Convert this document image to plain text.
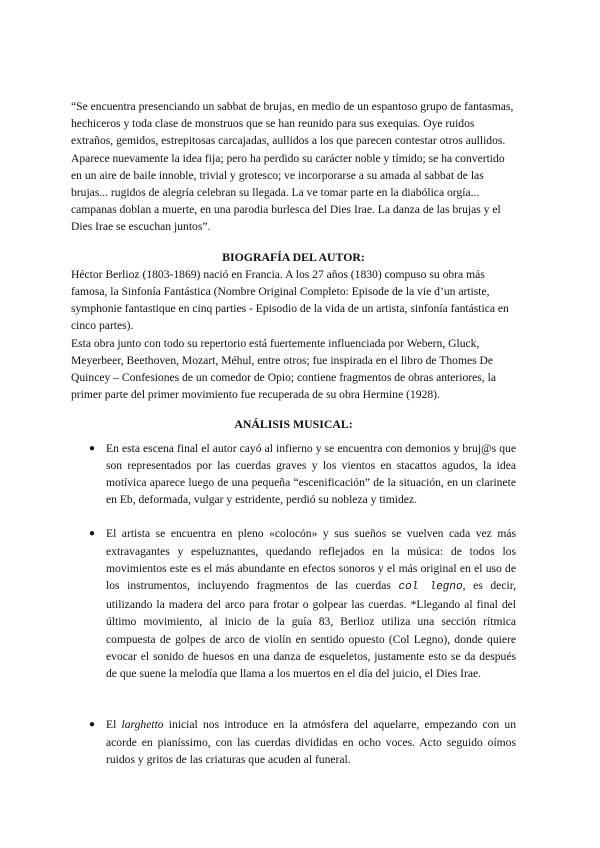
“Se encuentra presenciando un sabbat de brujas, en medio de un espantoso grupo de fantasmas, hechiceros y toda clase de monstruos que se han reunido para sus exequias. Oye ruidos extraños, gemidos, estrepitosas carcajadas, aullidos a los que parecen contestar otros aullidos. Aparece nuevamente la idea fija; pero ha perdido su carácter noble y tímido; se ha convertido en un aire de baile innoble, trivial y grotesco; ve incorporarse a su amada al sabbat de las brujas... rugidos de alegría celebran su llegada. La ve tomar parte en la diabólica orgía... campanas doblan a muerte, en una parodia burlesca del Dies Irae. La danza de las brujas y el Dies Irae se escuchan juntos”.

BIOGRAFÍA DEL AUTOR:

Héctor Berlioz (1803-1869) nació en Francia. A los 27 años (1830) compuso su obra más famosa, la Sinfonía Fantástica (Nombre Original Completo: Episode de la vie d’un artiste, symphonie fantastique en cinq parties - Episodio de la vida de un artista, sinfonía fantástica en cinco partes).

Esta obra junto con todo su repertorio está fuertemente influenciada por Webern, Gluck, Meyerbeer, Beethoven, Mozart, Méhul, entre otros; fue inspirada en el libro de Thomes De Quincey – Confesiones de un comedor de Opio; contiene fragmentos de obras anteriores, la primer parte del primer movimiento fue recuperada de su obra Hermine (1928).

ANÁLISIS MUSICAL:
● En esta escena final el autor cayó al infierno y se encuentra con demonios y bruj@s que son representados por las cuerdas graves y los vientos en stacattos agudos, la idea motívica aparece luego de una pequeña “escenificación” de la situación, en un clarinete en Eb, deformada, vulgar y estridente, perdió su nobleza y timidez.
● El artista se encuentra en pleno «colocón» y sus sueños se vuelven cada vez más extravagantes y espeluznantes, quedando reflejados en la música: de todos los movimientos este es el más abundante en efectos sonoros y el más original en el uso de los instrumentos, incluyendo fragmentos de las cuerdas col legno, es decir, utilizando la madera del arco para frotar o golpear las cuerdas. *Llegando al final del último movimiento, al inicio de la guía 83, Berlioz utiliza una sección rítmica compuesta de golpes de arco de violín en sentido opuesto (Col Legno), donde quiere evocar el sonido de huesos en una danza de esqueletos, justamente esto se da después de que suene la melodía que llama a los muertos en el día del juicio, el Dies Irae.
● El larghetto inicial nos introduce en la atmósfera del aquelarre, empezando con un acorde en pianíssimo, con las cuerdas divididas en ocho voces. Acto seguido oímos ruidos y gritos de las criaturas que acuden al funeral.
